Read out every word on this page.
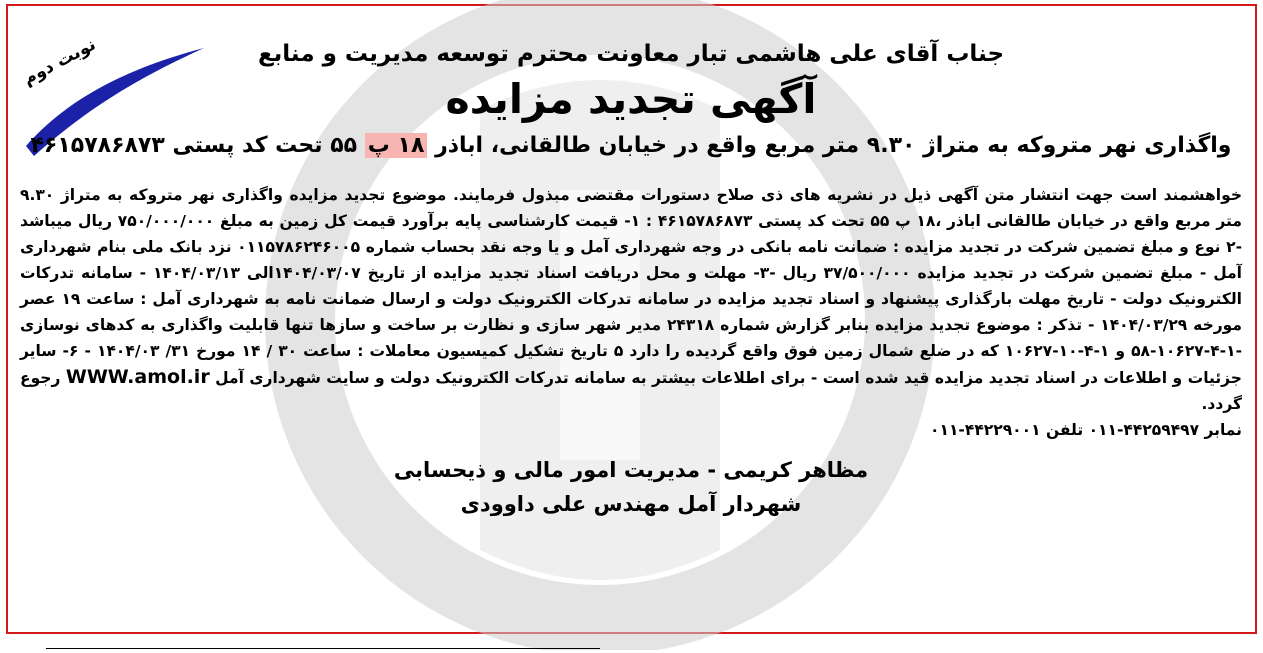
نوبت دوم	جناب آقای علی هاشمی تبار معاونت محترم توسعه مدیریت و منابع

آگهی تجدید مزایده

واگذاری نهر متروکه به متراژ ۹.۳۰ متر مربع واقع در خیابان طالقانی، اباذر ۱۸ پ ۵۵ تحت کد پستی ۴۶۱۵۷۸۶۸۷۳

خواهشمند است جهت انتشار متن آگهی ذیل در نشریه های ذی صلاح دستورات مقتضی مبذول فرمایند. موضوع تجدید مزایده واگذاری نهر متروکه به متراژ ۹.۳۰ متر مربع واقع در خیابان طالقانی اباذر ،۱۸ پ ۵۵ تحت کد پستی ۴۶۱۵۷۸۶۸۷۳ : ۱- قیمت کارشناسی پایه برآورد قیمت کل زمین به مبلغ ۷۵۰/۰۰۰/۰۰۰ ریال میباشد -۲ نوع و مبلغ تضمین شرکت در تجدید مزایده : ضمانت نامه بانکی در وجه شهرداری آمل و یا وجه نقد بحساب شماره ۰۱۱۵۷۸۶۲۴۶۰۰۵ نزد بانک ملی بنام شهرداری آمل - مبلغ تضمین شرکت در تجدید مزایده ۳۷/۵۰۰/۰۰۰ ریال -۳- مهلت و محل دریافت اسناد تجدید مزایده از تاریخ ۱۴۰۴/۰۳/۰۷الی ۱۴۰۴/۰۳/۱۳ - سامانه تدرکات الکترونیک دولت - تاریخ مهلت بارگذاری پیشنهاد و اسناد تجدید مزایده در سامانه تدرکات الکترونیک دولت و ارسال ضمانت نامه به شهرداری آمل : ساعت ۱۹ عصر مورخه ۱۴۰۴/۰۳/۲۹ - تذکر : موضوع تجدید مزایده بنابر گزارش شماره ۲۴۳۱۸ مدیر شهر سازی و نظارت بر ساخت و سازها تنها قابلیت واگذاری به کدهای نوسازی -۱-۴-۱۰۶۲۷-۵۸ و ۱-۴-۱۰-۱۰۶۲۷ که در ضلع شمال زمین فوق واقع گردیده را دارد ۵ تاریخ تشکیل کمیسیون معاملات : ساعت ۳۰ / ۱۴ مورخ ۳۱/ ۱۴۰۴/۰۳ - ۶- سایر جزئیات و اطلاعات در اسناد تجدید مزایده قید شده است - برای اطلاعات بیشتر به سامانه تدرکات الکترونیک دولت و سایت شهرداری آمل WWW.amol.ir رجوع گردد.
نمابر ۴۴۲۵۹۴۹۷-۰۱۱ تلفن ۴۴۲۲۹۰۰۱-۰۱۱

مظاهر کریمی - مدیریت امور مالی و ذیحسابی

شهردار آمل مهندس علی داوودی
